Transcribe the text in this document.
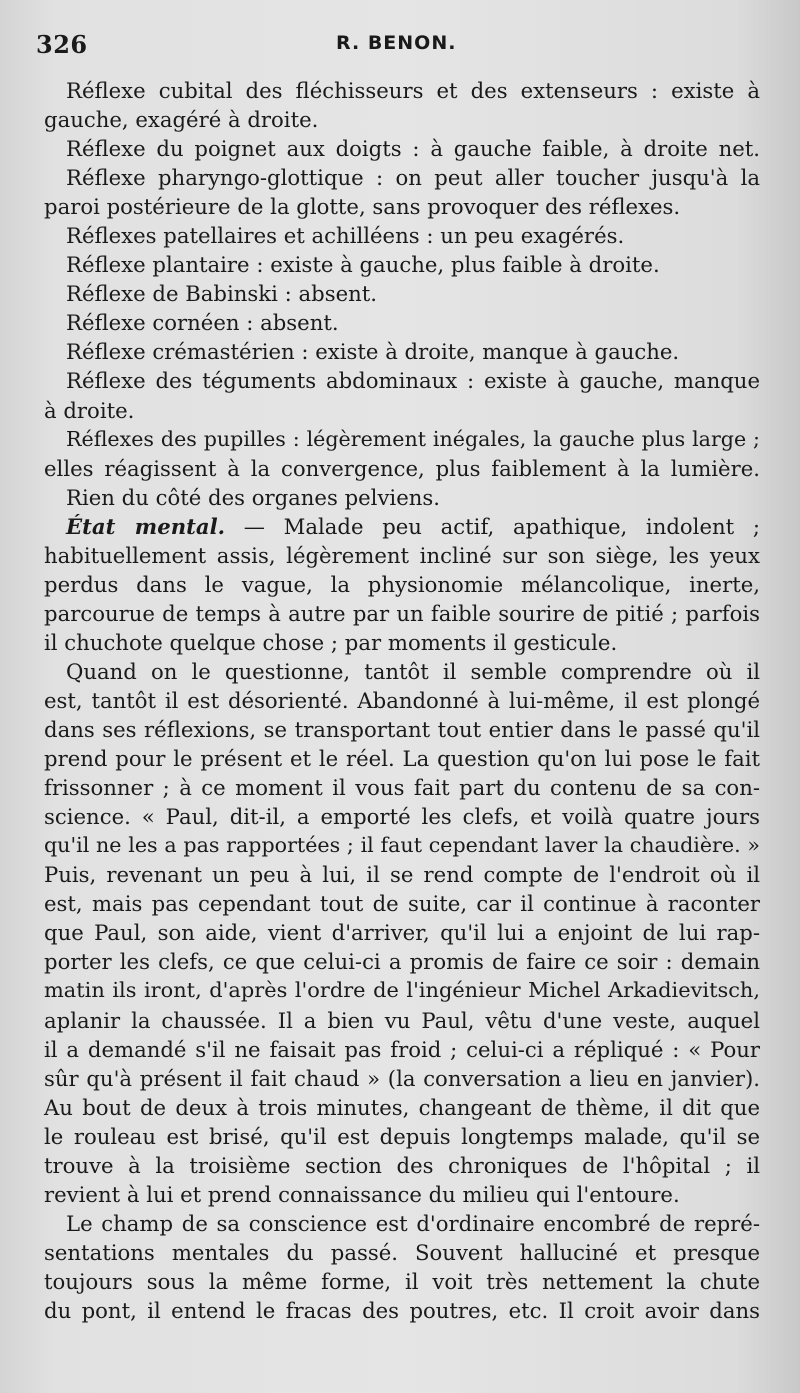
326	R. BENON.
Réflexe cubital des fléchisseurs et des extenseurs : existe à
gauche, exagéré à droite.
Réflexe du poignet aux doigts : à gauche faible, à droite net.
Réflexe pharyngo-glottique : on peut aller toucher jusqu'à la
paroi postérieure de la glotte, sans provoquer des réflexes.
Réflexes patellaires et achilléens : un peu exagérés.
Réflexe plantaire : existe à gauche, plus faible à droite.
Réflexe de Babinski : absent.
Réflexe cornéen : absent.
Réflexe crémastérien : existe à droite, manque à gauche.
Réflexe des téguments abdominaux : existe à gauche, manque
à droite.
Réflexes des pupilles : légèrement inégales, la gauche plus large ;
elles réagissent à la convergence, plus faiblement à la lumière.
Rien du côté des organes pelviens.
État mental. — Malade peu actif, apathique, indolent ;
habituellement assis, légèrement incliné sur son siège, les yeux
perdus dans le vague, la physionomie mélancolique, inerte,
parcourue de temps à autre par un faible sourire de pitié ; parfois
il chuchote quelque chose ; par moments il gesticule.
Quand on le questionne, tantôt il semble comprendre où il
est, tantôt il est désorienté. Abandonné à lui-même, il est plongé
dans ses réflexions, se transportant tout entier dans le passé qu'il
prend pour le présent et le réel. La question qu'on lui pose le fait
frissonner ; à ce moment il vous fait part du contenu de sa con-
science. « Paul, dit-il, a emporté les clefs, et voilà quatre jours
qu'il ne les a pas rapportées ; il faut cependant laver la chaudière. »
Puis, revenant un peu à lui, il se rend compte de l'endroit où il
est, mais pas cependant tout de suite, car il continue à raconter
que Paul, son aide, vient d'arriver, qu'il lui a enjoint de lui rap-
porter les clefs, ce que celui-ci a promis de faire ce soir : demain
matin ils iront, d'après l'ordre de l'ingénieur Michel Arkadievitsch,
aplanir la chaussée. Il a bien vu Paul, vêtu d'une veste, auquel
il a demandé s'il ne faisait pas froid ; celui-ci a répliqué : « Pour
sûr qu'à présent il fait chaud » (la conversation a lieu en janvier).
Au bout de deux à trois minutes, changeant de thème, il dit que
le rouleau est brisé, qu'il est depuis longtemps malade, qu'il se
trouve à la troisième section des chroniques de l'hôpital ; il
revient à lui et prend connaissance du milieu qui l'entoure.
Le champ de sa conscience est d'ordinaire encombré de repré-
sentations mentales du passé. Souvent halluciné et presque
toujours sous la même forme, il voit très nettement la chute
du pont, il entend le fracas des poutres, etc. Il croit avoir dans
